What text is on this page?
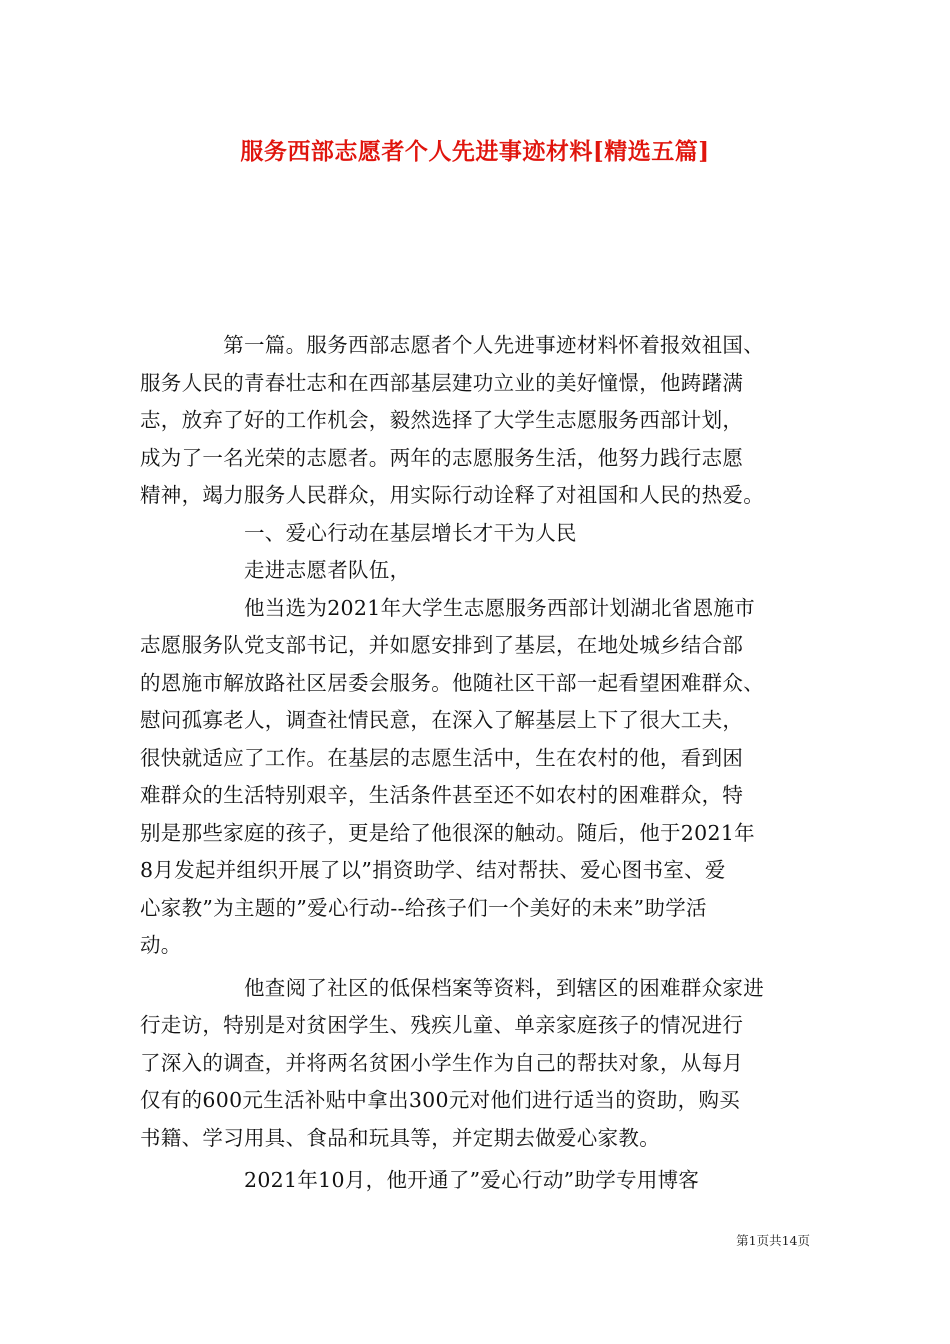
服务西部志愿者个人先进事迹材料[精选五篇]

　　　　第一篇。服务西部志愿者个人先进事迹材料怀着报效祖国、

服务人民的青春壮志和在西部基层建功立业的美好憧憬，他踌躇满

志，放弃了好的工作机会，毅然选择了大学生志愿服务西部计划，

成为了一名光荣的志愿者。两年的志愿服务生活，他努力践行志愿

精神，竭力服务人民群众，用实际行动诠释了对祖国和人民的热爱。

　　　　　一、爱心行动在基层增长才干为人民

　　　　　走进志愿者队伍，

　　　　　他当选为2021年大学生志愿服务西部计划湖北省恩施市

志愿服务队党支部书记，并如愿安排到了基层，在地处城乡结合部

的恩施市解放路社区居委会服务。他随社区干部一起看望困难群众、

慰问孤寡老人，调查社情民意，在深入了解基层上下了很大工夫，

很快就适应了工作。在基层的志愿生活中，生在农村的他，看到困

难群众的生活特别艰辛，生活条件甚至还不如农村的困难群众，特

别是那些家庭的孩子，更是给了他很深的触动。随后，他于2021年

8月发起并组织开展了以”捐资助学、结对帮扶、爱心图书室、爱

心家教”为主题的”爱心行动--给孩子们一个美好的未来”助学活

动。

　　　　　他查阅了社区的低保档案等资料，到辖区的困难群众家进

行走访，特别是对贫困学生、残疾儿童、单亲家庭孩子的情况进行

了深入的调查，并将两名贫困小学生作为自己的帮扶对象，从每月

仅有的600元生活补贴中拿出300元对他们进行适当的资助，购买

书籍、学习用具、食品和玩具等，并定期去做爱心家教。

　　　　　2021年10月，他开通了”爱心行动”助学专用博客

第1页共14页
